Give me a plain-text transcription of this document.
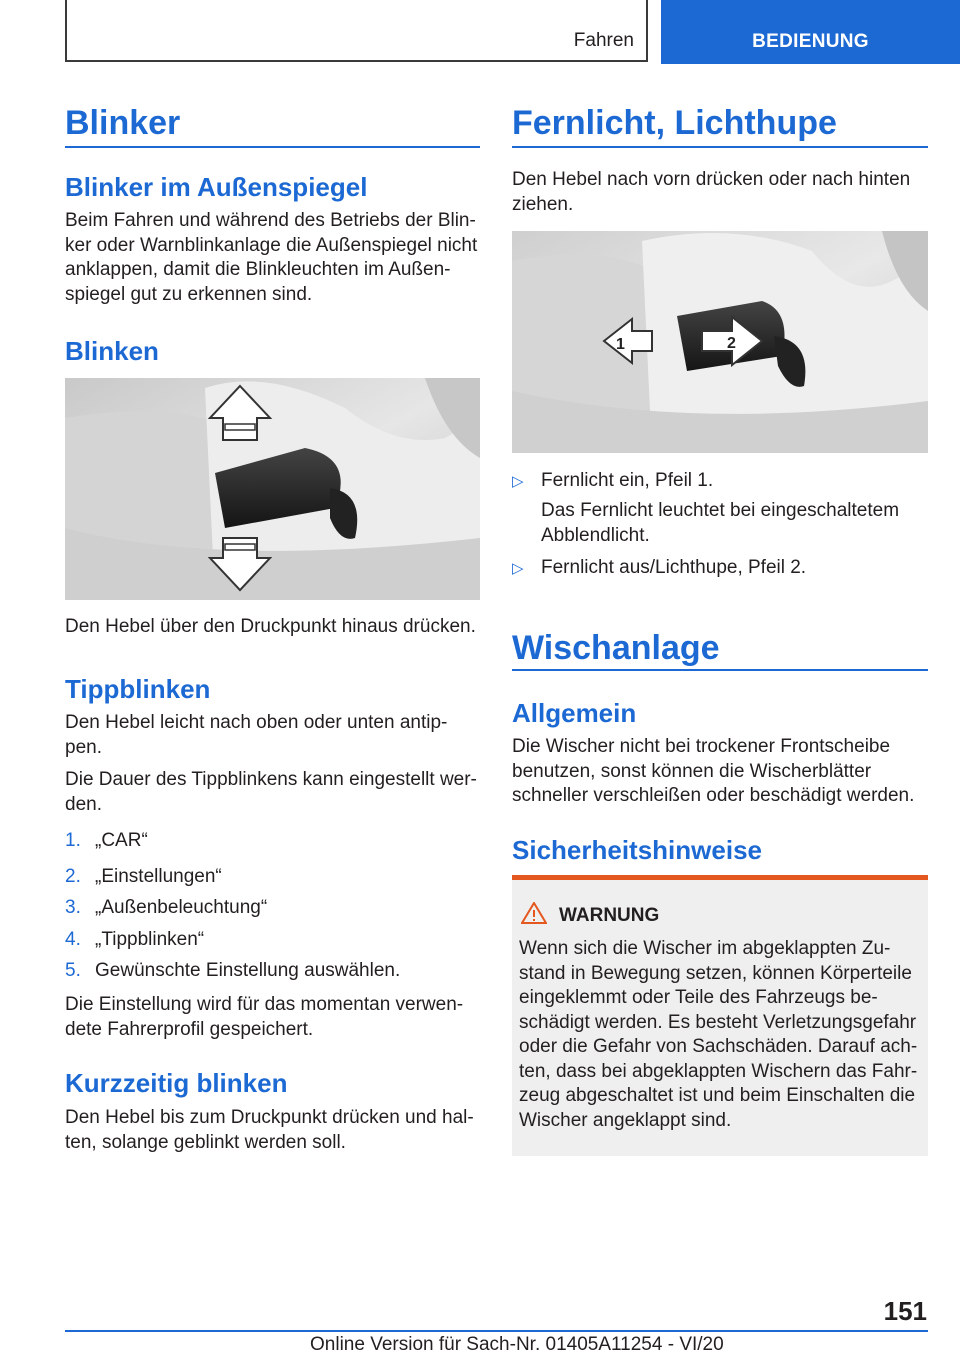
Fahren	BEDIENUNG
Blinker
Blinker im Außenspiegel
Beim Fahren und während des Betriebs der Blin-
ker oder Warnblinkanlage die Außenspiegel nicht
anklappen, damit die Blinkleuchten im Außen-
spiegel gut zu erkennen sind.
Blinken

Den Hebel über den Druckpunkt hinaus drücken.

Tippblinken
Den Hebel leicht nach oben oder unten antip-
pen.
Die Dauer des Tippblinkens kann eingestellt wer-
den.
1. „CAR“
2. „Einstellungen“
3. „Außenbeleuchtung“
4. „Tippblinken“
5. Gewünschte Einstellung auswählen.
Die Einstellung wird für das momentan verwen-
dete Fahrerprofil gespeichert.
Kurzzeitig blinken
Den Hebel bis zum Druckpunkt drücken und hal-
ten, solange geblinkt werden soll.
Fernlicht, Lichthupe
Den Hebel nach vorn drücken oder nach hinten
ziehen.
1	2
▷ Fernlicht ein, Pfeil 1.
Das Fernlicht leuchtet bei eingeschaltetem
Abblendlicht.
▷ Fernlicht aus/Lichthupe, Pfeil 2.
Wischanlage
Allgemein
Die Wischer nicht bei trockener Frontscheibe
benutzen, sonst können die Wischerblätter
schneller verschleißen oder beschädigt werden.
Sicherheitshinweise
WARNUNG
Wenn sich die Wischer im abgeklappten Zu-
stand in Bewegung setzen, können Körperteile
eingeklemmt oder Teile des Fahrzeugs be-
schädigt werden. Es besteht Verletzungsgefahr
oder die Gefahr von Sachschäden. Darauf ach-
ten, dass bei abgeklappten Wischern das Fahr-
zeug abgeschaltet ist und beim Einschalten die
Wischer angeklappt sind.
151
Online Version für Sach-Nr. 01405A11254 - VI/20
